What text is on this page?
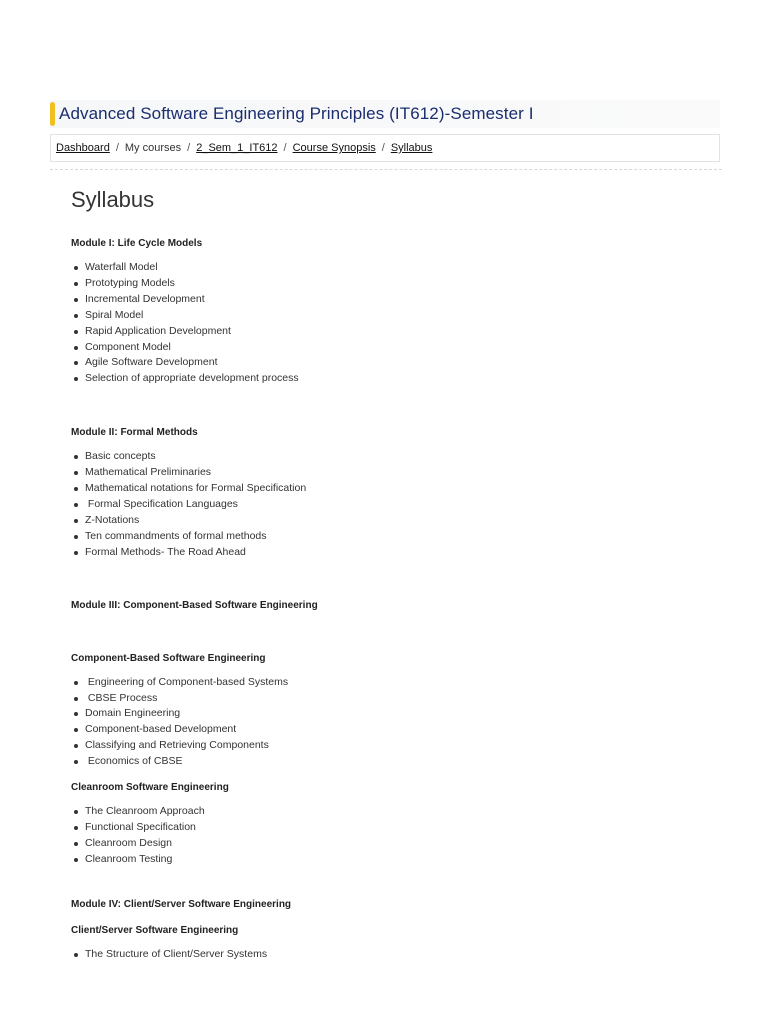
Advanced Software Engineering Principles (IT612)-Semester I
Dashboard / My courses / 2_Sem_1_IT612 / Course Synopsis / Syllabus
Syllabus

Module I: Life Cycle Models

Waterfall Model
Prototyping Models
Incremental Development
Spiral Model
Rapid Application Development
Component Model
Agile Software Development
Selection of appropriate development process

Module II: Formal Methods

Basic concepts
Mathematical Preliminaries
Mathematical notations for Formal Specification
Formal Specification Languages
Z-Notations
Ten commandments of formal methods
Formal Methods- The Road Ahead

Module III: Component-Based Software Engineering

Component-Based Software Engineering

Engineering of Component-based Systems
CBSE Process
Domain Engineering
Component-based Development
Classifying and Retrieving Components
Economics of CBSE

Cleanroom Software Engineering

The Cleanroom Approach
Functional Specification
Cleanroom Design
Cleanroom Testing

Module IV: Client/Server Software Engineering

Client/Server Software Engineering

The Structure of Client/Server Systems
